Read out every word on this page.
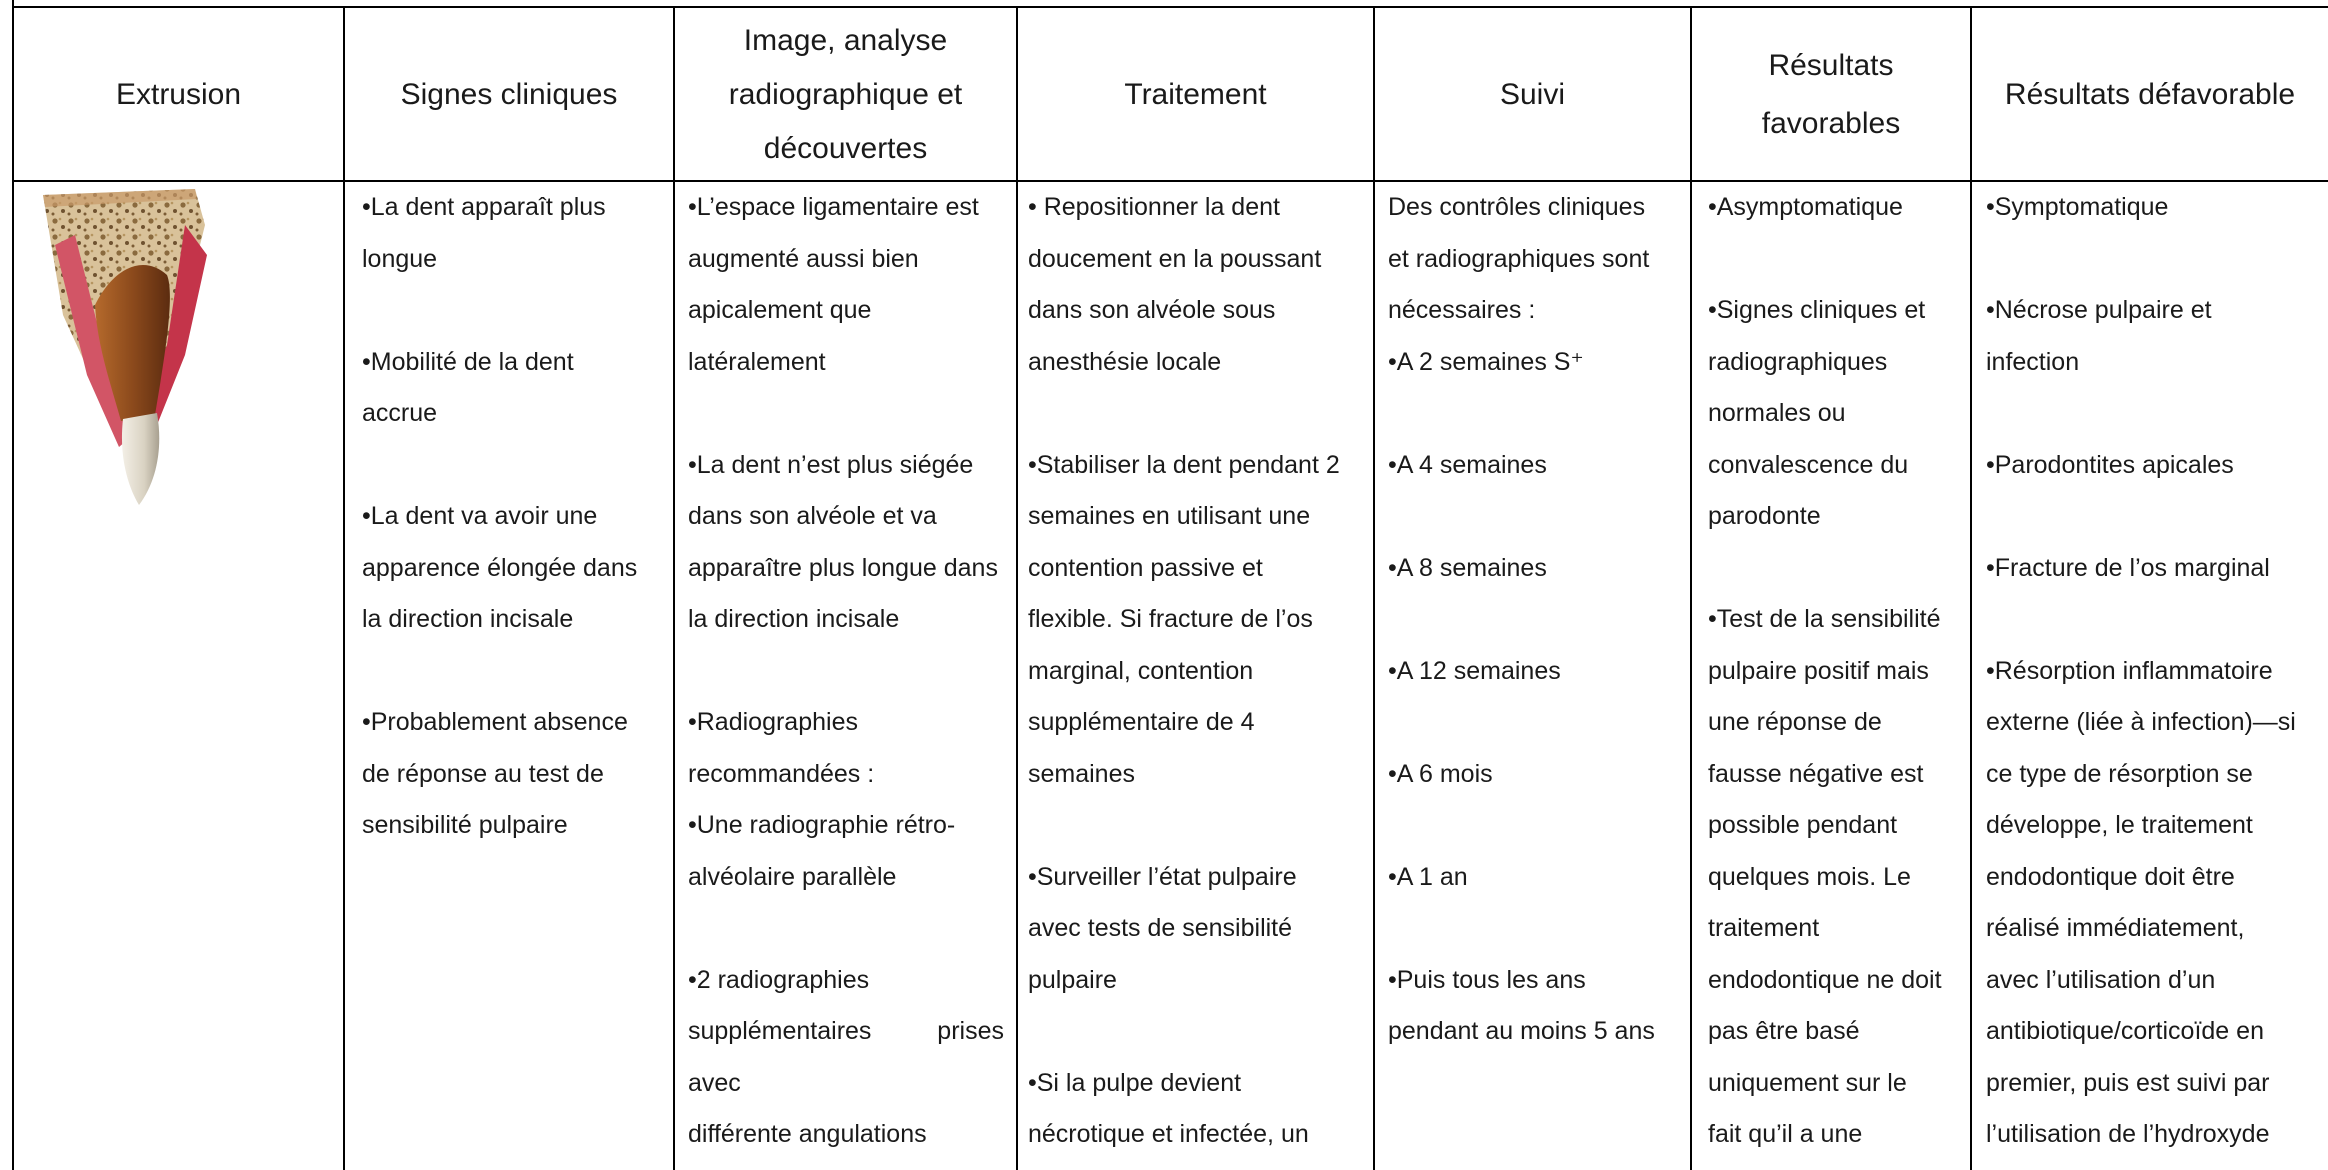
Extrusion	Signes cliniques
Image, analyse
radiographique et
découvertes
Traitement	Suivi
Résultats
favorables
Résultats défavorable

•La dent apparaît plus

longue

•Mobilité de la dent

accrue

•La dent va avoir une

apparence élongée dans

la direction incisale

•Probablement absence

de réponse au test de

sensibilité pulpaire

•L’espace ligamentaire est

augmenté aussi bien

apicalement que

latéralement

•La dent n’est plus siégée

dans son alvéole et va

apparaître plus longue dans

la direction incisale

•Radiographies

recommandées :

•Une radiographie rétro-

alvéolaire parallèle

•2 radiographies

supplémentaires prises avec

différente angulations

• Repositionner la dent

doucement en la poussant

dans son alvéole sous

anesthésie locale

•Stabiliser la dent pendant 2

semaines en utilisant une

contention passive et

flexible. Si fracture de l’os

marginal, contention

supplémentaire de 4

semaines

•Surveiller l’état pulpaire

avec tests de sensibilité

pulpaire

•Si la pulpe devient

nécrotique et infectée, un

Des contrôles cliniques

et radiographiques sont

nécessaires :

•A 2 semaines S⁺

•A 4 semaines

•A 8 semaines

•A 12 semaines

•A 6 mois

•A 1 an

•Puis tous les ans

pendant au moins 5 ans

•Asymptomatique

•Signes cliniques et

radiographiques

normales ou

convalescence du

parodonte

•Test de la sensibilité

pulpaire positif mais

une réponse de

fausse négative est

possible pendant

quelques mois. Le

traitement

endodontique ne doit

pas être basé

uniquement sur le

fait qu’il a une

•Symptomatique

•Nécrose pulpaire et

infection

•Parodontites apicales

•Fracture de l’os marginal

•Résorption inflammatoire

externe (liée à infection)—si

ce type de résorption se

développe, le traitement

endodontique doit être

réalisé immédiatement,

avec l’utilisation d’un

antibiotique/corticoïde en

premier, puis est suivi par

l’utilisation de l’hydroxyde
